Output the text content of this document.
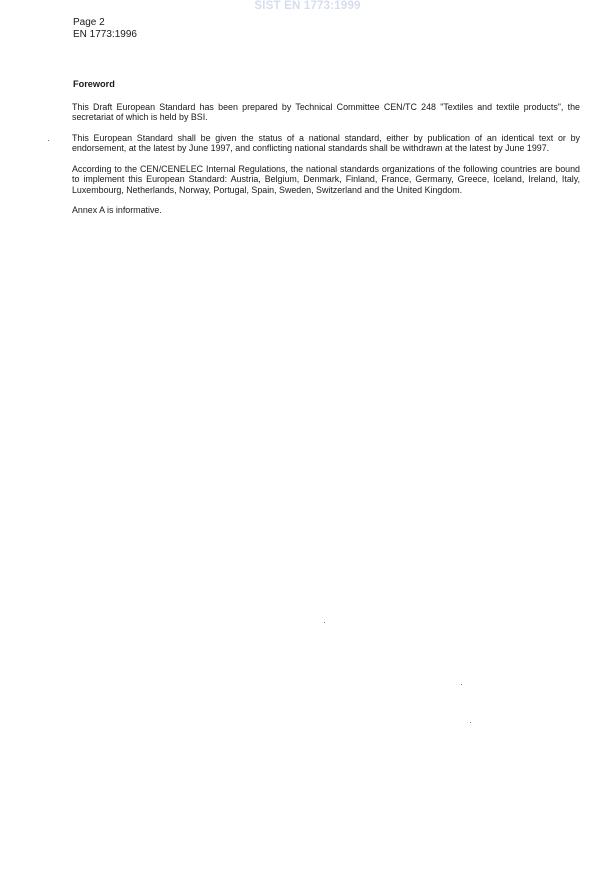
SIST EN 1773:1999
Page 2
EN 1773:1996
Foreword

This Draft European Standard has been prepared by Technical Committee CEN/TC 248 "Textiles and textile products", the secretariat of which is held by BSI.

This European Standard shall be given the status of a national standard, either by publication of an identical text or by endorsement, at the latest by June 1997, and conflicting national standards shall be withdrawn at the latest by June 1997.

According to the CEN/CENELEC Internal Regulations, the national standards organizations of the following countries are bound to implement this European Standard: Austria, Belgium, Denmark, Finland, France, Germany, Greece, Iceland, Ireland, Italy, Luxembourg, Netherlands, Norway, Portugal, Spain, Sweden, Switzerland and the United Kingdom.

Annex A is informative.
